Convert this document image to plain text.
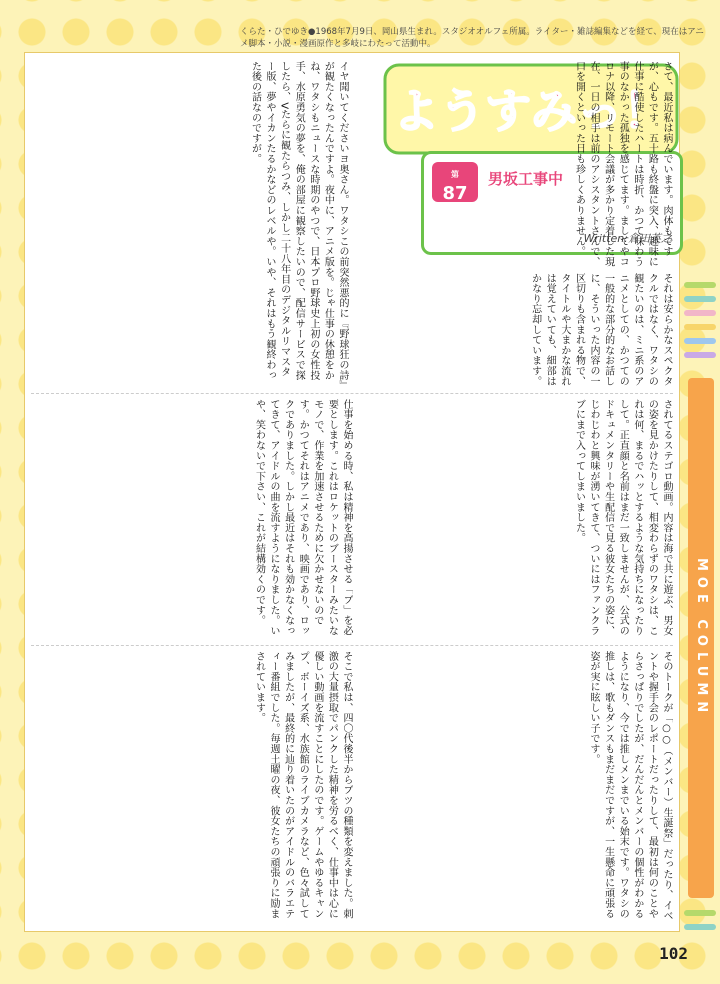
ようすみっ！
第
87
回
男坂工事中
Written:倉田英之
さて、最近私は病んでいます。肉体もですが、心もです。五十路も終盤に突入、趣味に仕事に酷使したハートは時折、かつて味わう事のなかった孤独を感じてます。ましてやコロナ以降、リモート会議が多かり定着した現在、一日の相手は前のアシスタントさんで、口を開くといった日も珍しくありません。
イヤ聞いてくださいヨ奥さん。ワタシこの前突然悪的に『野球狂の詩』が観たくなったんですよ。夜中に、アニメ版を。じゃ仕事の休憩をかね、ワタシもニュースな時期のやつで、日本プロ野球史上初の女性投手、水原勇気の夢を、俺の部屋に観察したいので、配信サービスで探したら、Vたらに観たらつみ、しかし二十八年目のデジタルリマスター版、夢やイカンたるかなどのレベルや。いや、それはもう観終わった後の話なのですが。
それは安らかなスペクタクルではなく、ワタシの観たいのは、ミニ系のアニメとしての、かつての一般的な部分的なお話しに、そういった内容の一区切りも含まれる物で、タイトルや大まかな流れは覚えていても、細部はかなり忘却しています。
されてるステゴロ動画。内容は海で共に遊ぶ、男女の姿を見かけたりして、相変わらずのワタシは、これは何、まるでハッとするような気持ちになったりして。正直顔と名前はまだ一致しませんが、公式のドキュメンタリーや生配信で見る彼女たちの姿に、じわじわと興味が湧いてきて、ついにはファンクラブにまで入ってしまいました。
仕事を始める時、私は精神を高揚させる「ブ」を必要とします。これはロケットのブースターみたいなモノで、作業を加速させるために欠かせないのです。かつてそれはアニメであり、映画であり、ロックでありました。しかし最近はそれも効かなくなってきて、アイドルの曲を流すようになりました。いや、笑わないで下さい、これが結構効くのです。
そのトークが「○○（メンバー）生誕祭」だったり、イベントや握手会のレポートだったりして、最初は何のことやらさっぱりでしたが、だんだんとメンバーの個性がわかるようになり、今では推しメンまでいる始末です。ワタシの推しは、歌もダンスもまだまだですが、一生懸命に頑張る姿が実に眩しい子です。
そこで私は、四〇代後半からブツの種類を変えました。刺激の大量摂取でパンクした精神を労るべく、仕事中は心に優しい動画を流すことにしたのです。ゲームやゆるキャンプ、ボーイズ系、水族館のライブカメラなど、色々試してみましたが、最終的に辿り着いたのがアイドルのバラエティー番組でした。毎週土曜の夜、彼女たちの頑張りに励まされています。
くらた・ひでゆき●1968年7月9日、岡山県生まれ。スタジオオルフェ所属。ライター・雑誌編集などを経て、現在はアニメ脚本・小説・漫画原作と多岐にわたって活動中。
MOE COLUMN
102
